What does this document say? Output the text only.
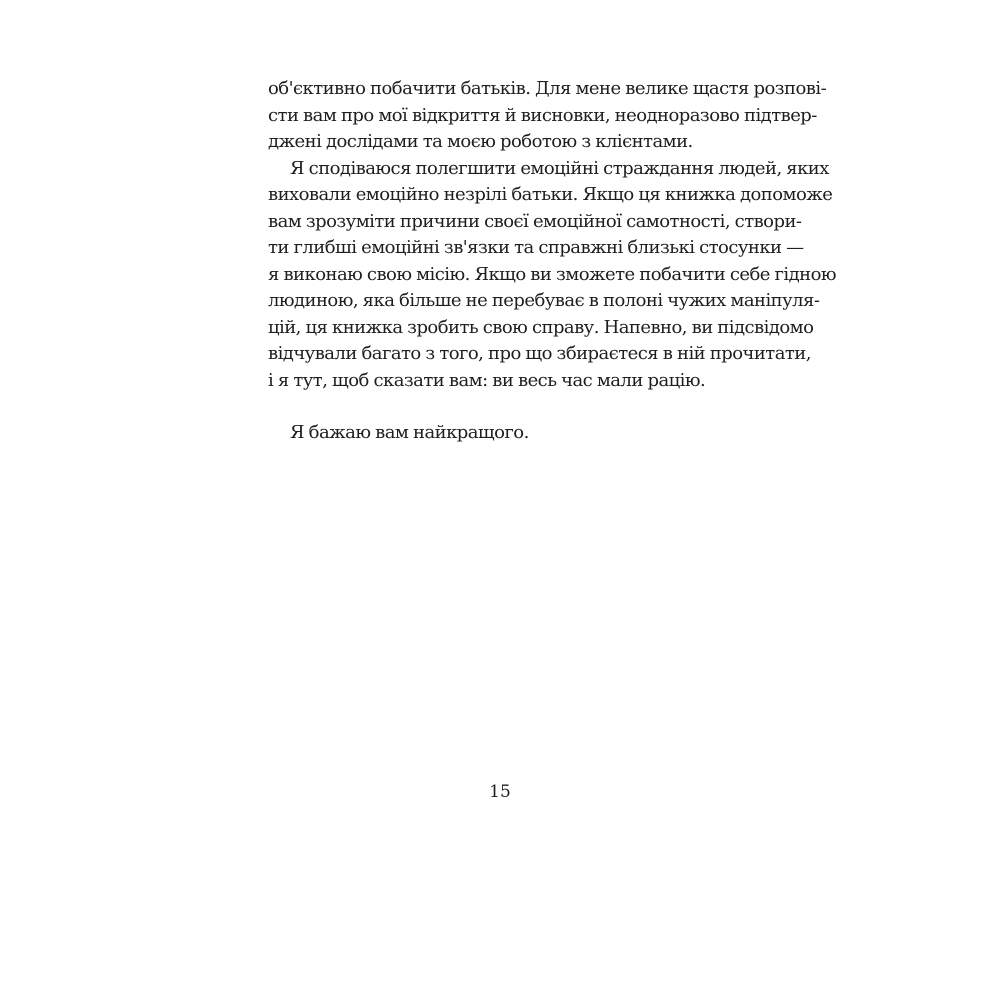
об'єктивно побачити батьків. Для мене велике щастя розпові-
сти вам про мої відкриття й висновки, неодноразово підтвер-
джені дослідами та моєю роботою з клієнтами.

Я сподіваюся полегшити емоційні страждання людей, яких
виховали емоційно незрілі батьки. Якщо ця книжка допоможе
вам зрозуміти причини своєї емоційної самотності, створи-
ти глибші емоційні зв'язки та справжні близькі стосунки —
я виконаю свою місію. Якщо ви зможете побачити себе гідною
людиною, яка більше не перебуває в полоні чужих маніпуля-
цій, ця книжка зробить свою справу. Напевно, ви підсвідомо
відчували багато з того, про що збираєтеся в ній прочитати,
і я тут, щоб сказати вам: ви весь час мали рацію.

Я бажаю вам найкращого.

15
